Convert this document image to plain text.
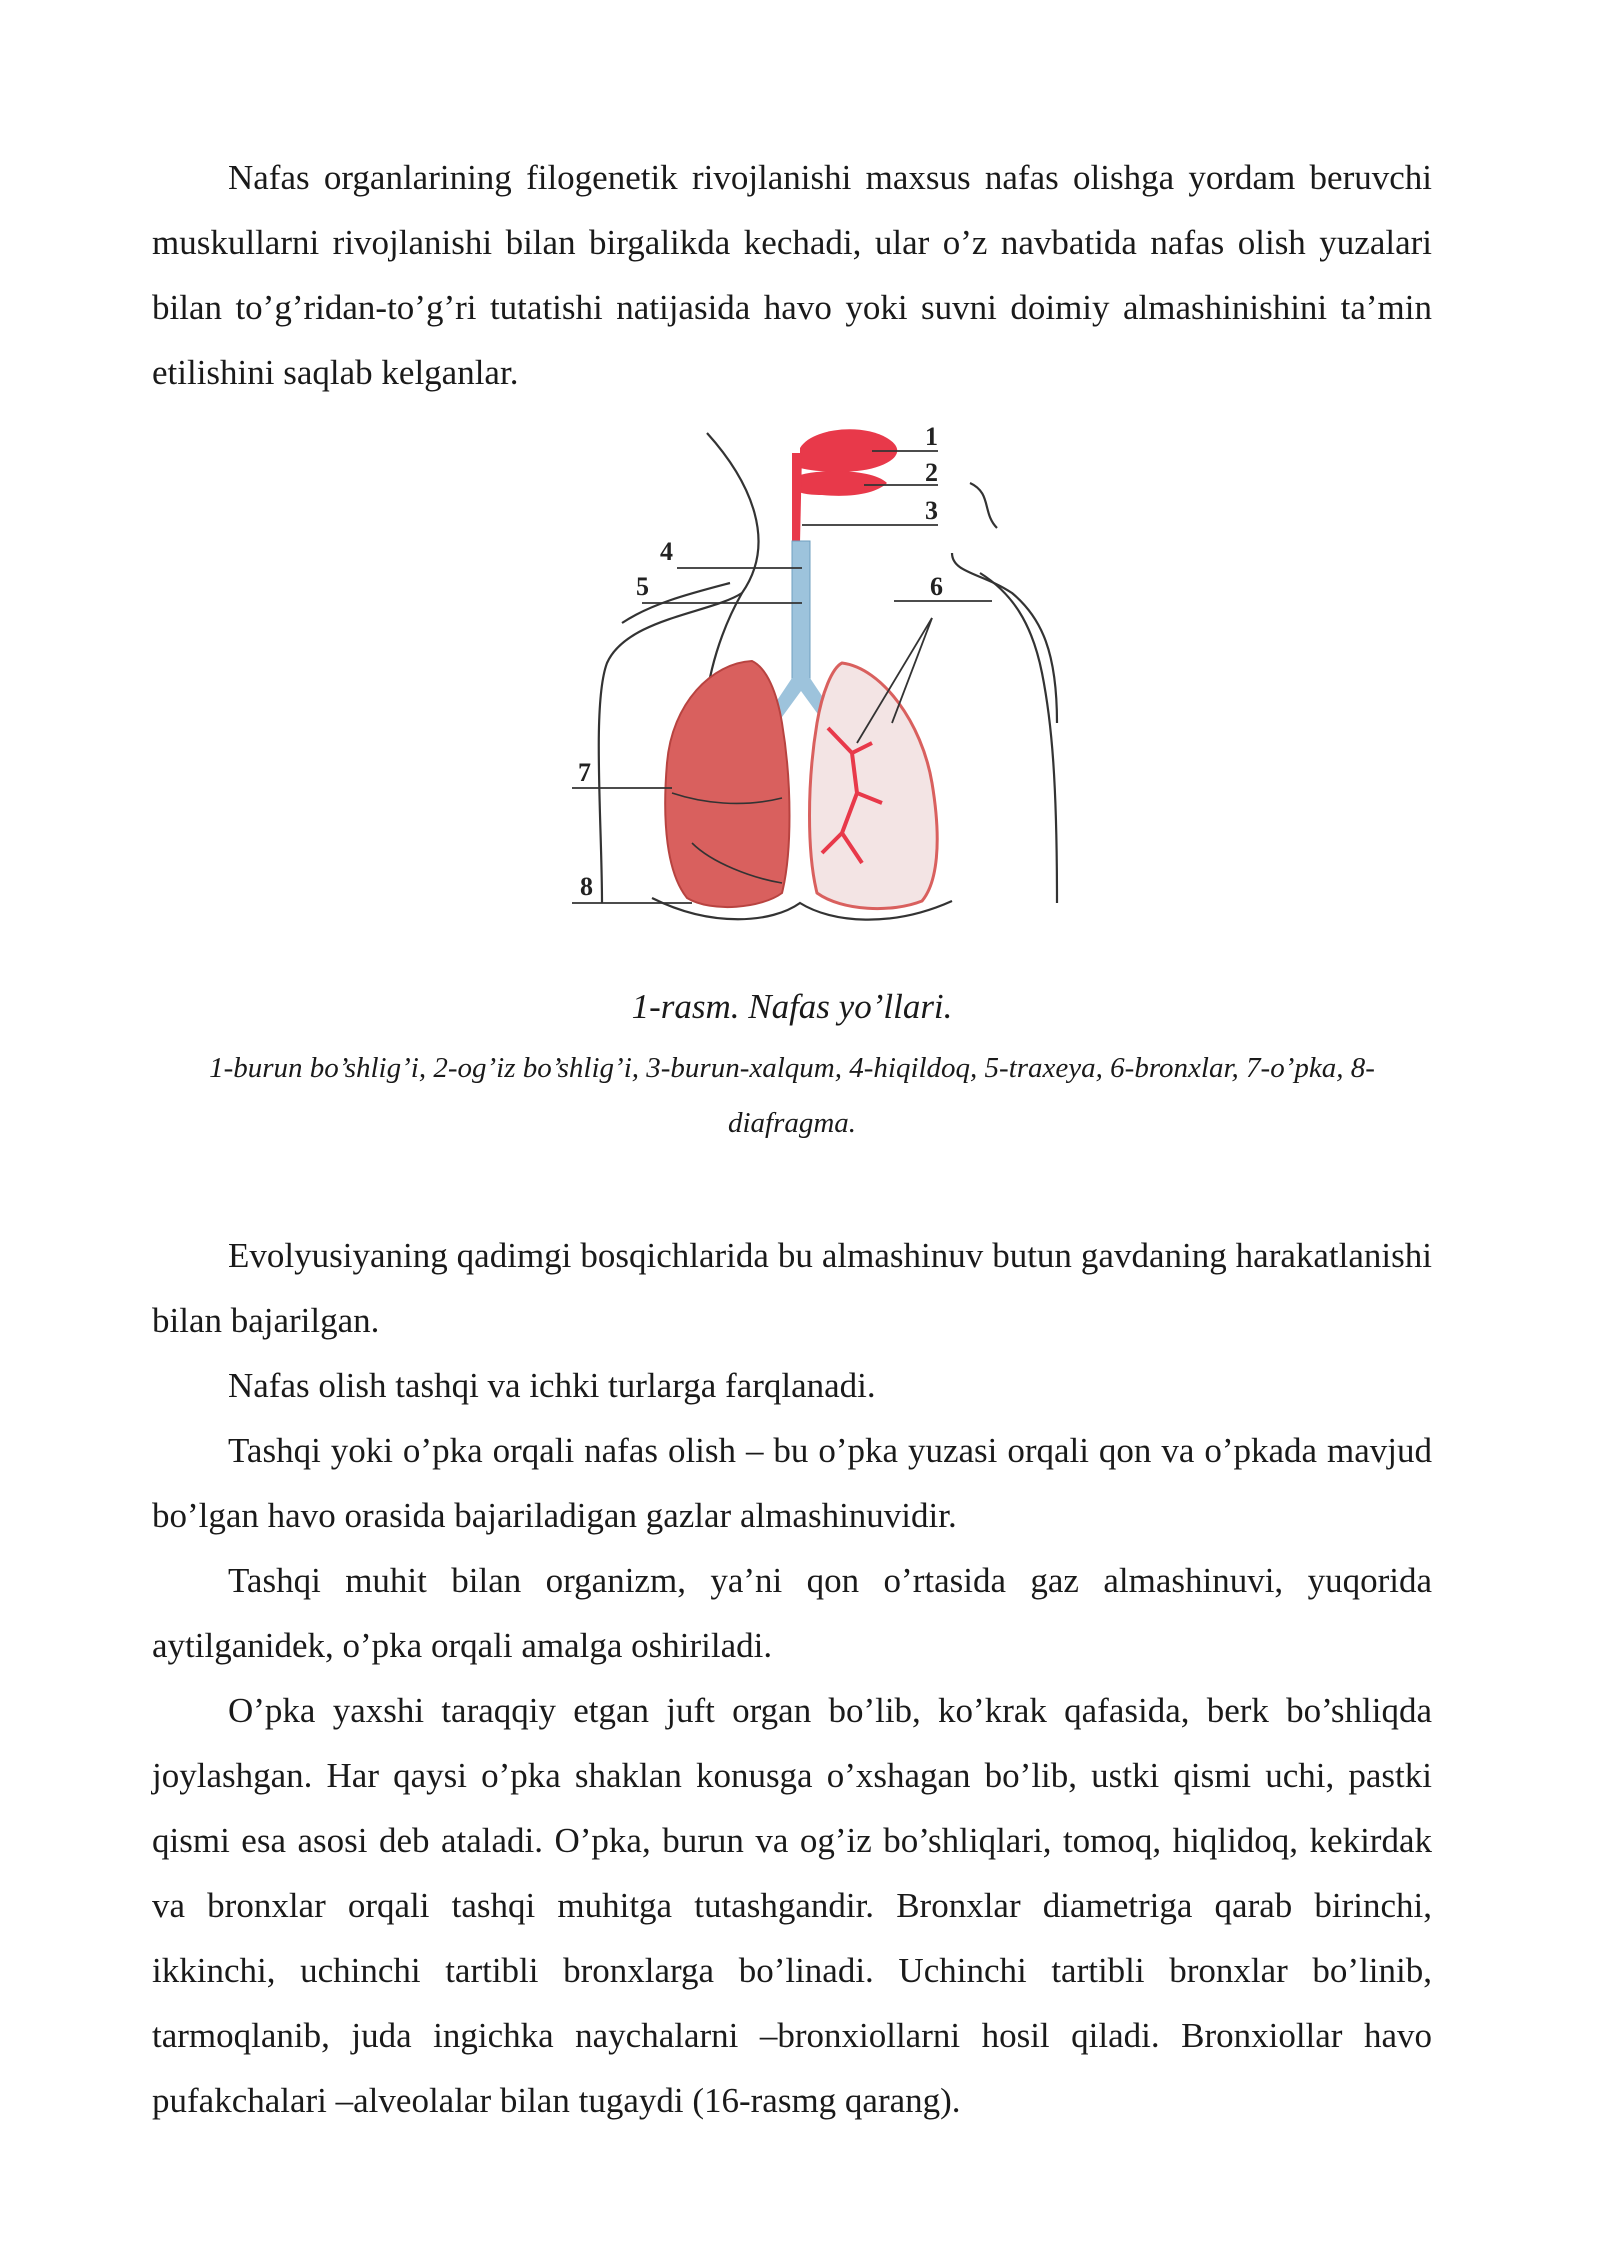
Nafas organlarining filogenetik rivojlanishi maxsus nafas olishga yordam beruvchi muskullarni rivojlanishi bilan birgalikda kechadi, ular o’z navbatida nafas olish yuzalari bilan to’g’ridan-to’g’ri tutatishi natijasida havo yoki suvni doimiy almashinishini ta’min etilishini saqlab kelganlar.

1
2
3
4
5	6
7
8

1-rasm. Nafas yo’llari.

1-burun bo’shlig’i, 2-og’iz bo’shlig’i, 3-burun-xalqum, 4-hiqildoq, 5-traxeya, 6-bronxlar, 7-o’pka, 8-diafragma.

Evolyusiyaning qadimgi bosqichlarida bu almashinuv butun gavdaning harakatlanishi bilan bajarilgan.

Nafas olish tashqi va ichki turlarga farqlanadi.

Tashqi yoki o’pka orqali nafas olish – bu o’pka yuzasi orqali qon va o’pkada mavjud bo’lgan havo orasida bajariladigan gazlar almashinuvidir.

Tashqi muhit bilan organizm, ya’ni qon o’rtasida gaz almashinuvi, yuqorida aytilganidek, o’pka orqali amalga oshiriladi.

O’pka yaxshi taraqqiy etgan juft organ bo’lib, ko’krak qafasida, berk bo’shliqda joylashgan. Har qaysi o’pka shaklan konusga o’xshagan bo’lib, ustki qismi uchi, pastki qismi esa asosi deb ataladi. O’pka, burun va og’iz bo’shliqlari, tomoq, hiqlidoq, kekirdak va bronxlar orqali tashqi muhitga tutashgandir. Bronxlar diametriga qarab birinchi, ikkinchi, uchinchi tartibli bronxlarga bo’linadi. Uchinchi tartibli bronxlar bo’linib, tarmoqlanib, juda ingichka naychalarni –bronxiollarni hosil qiladi. Bronxiollar havo pufakchalari –alveolalar bilan tugaydi (16-rasmg qarang).
